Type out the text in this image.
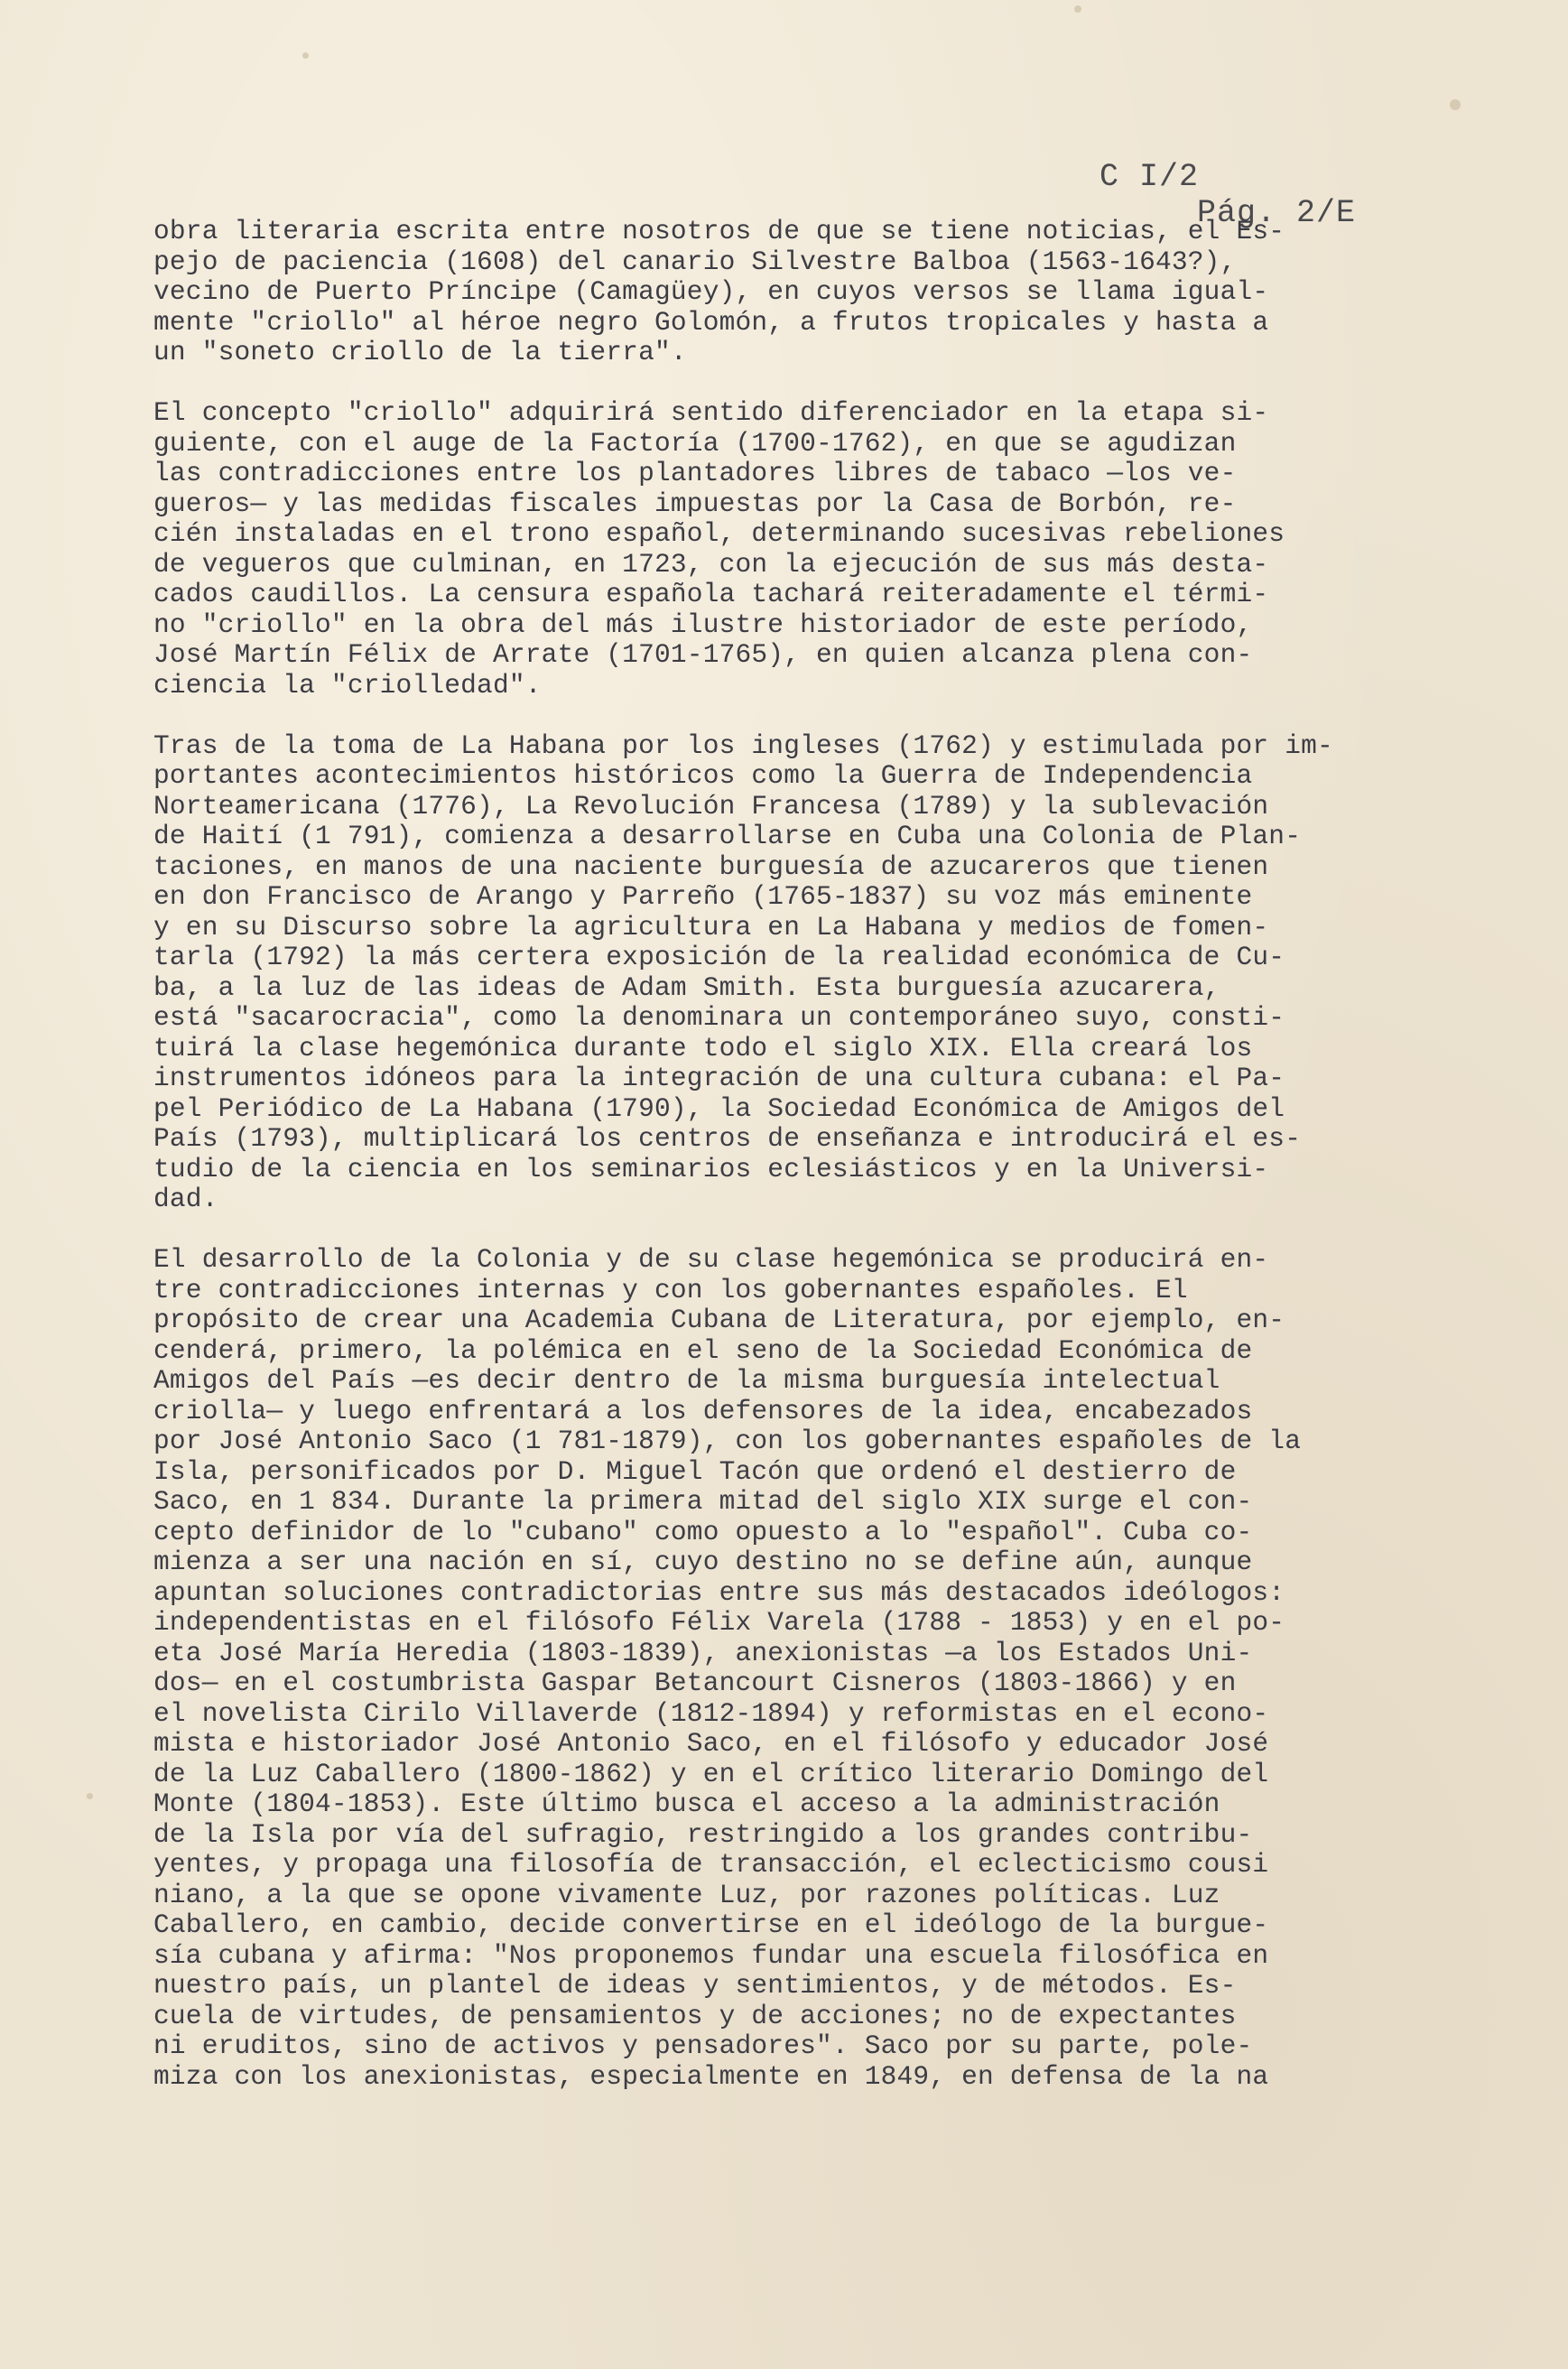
C I/2
Pág. 2/E

obra literaria escrita entre nosotros de que se tiene noticias, el Es-
pejo de paciencia (1608) del canario Silvestre Balboa (1563-1643?),
vecino de Puerto Príncipe (Camagüey), en cuyos versos se llama igual-
mente "criollo" al héroe negro Golomón, a frutos tropicales y hasta a
un "soneto criollo de la tierra".
El concepto "criollo" adquirirá sentido diferenciador en la etapa si-
guiente, con el auge de la Factoría (1700-1762), en que se agudizan
las contradicciones entre los plantadores libres de tabaco —los ve-
gueros— y las medidas fiscales impuestas por la Casa de Borbón, re-
cién instaladas en el trono español, determinando sucesivas rebeliones
de vegueros que culminan, en 1723, con la ejecución de sus más desta-
cados caudillos. La censura española tachará reiteradamente el térmi-
no "criollo" en la obra del más ilustre historiador de este período,
José Martín Félix de Arrate (1701-1765), en quien alcanza plena con-
ciencia la "criolledad".
Tras de la toma de La Habana por los ingleses (1762) y estimulada por im-
portantes acontecimientos históricos como la Guerra de Independencia
Norteamericana (1776), La Revolución Francesa (1789) y la sublevación
de Haití (1 791), comienza a desarrollarse en Cuba una Colonia de Plan-
taciones, en manos de una naciente burguesía de azucareros que tienen
en don Francisco de Arango y Parreño (1765-1837) su voz más eminente
y en su Discurso sobre la agricultura en La Habana y medios de fomen-
tarla (1792) la más certera exposición de la realidad económica de Cu-
ba, a la luz de las ideas de Adam Smith. Esta burguesía azucarera,
está "sacarocracia", como la denominara un contemporáneo suyo, consti-
tuirá la clase hegemónica durante todo el siglo XIX. Ella creará los
instrumentos idóneos para la integración de una cultura cubana: el Pa-
pel Periódico de La Habana (1790), la Sociedad Económica de Amigos del
País (1793), multiplicará los centros de enseñanza e introducirá el es-
tudio de la ciencia en los seminarios eclesiásticos y en la Universi-
dad.
El desarrollo de la Colonia y de su clase hegemónica se producirá en-
tre contradicciones internas y con los gobernantes españoles. El
propósito de crear una Academia Cubana de Literatura, por ejemplo, en-
cenderá, primero, la polémica en el seno de la Sociedad Económica de
Amigos del País —es decir dentro de la misma burguesía intelectual
criolla— y luego enfrentará a los defensores de la idea, encabezados
por José Antonio Saco (1 781-1879), con los gobernantes españoles de la
Isla, personificados por D. Miguel Tacón que ordenó el destierro de
Saco, en 1 834. Durante la primera mitad del siglo XIX surge el con-
cepto definidor de lo "cubano" como opuesto a lo "español". Cuba co-
mienza a ser una nación en sí, cuyo destino no se define aún, aunque
apuntan soluciones contradictorias entre sus más destacados ideólogos:
independentistas en el filósofo Félix Varela (1788 - 1853) y en el po-
eta José María Heredia (1803-1839), anexionistas —a los Estados Uni-
dos— en el costumbrista Gaspar Betancourt Cisneros (1803-1866) y en
el novelista Cirilo Villaverde (1812-1894) y reformistas en el econo-
mista e historiador José Antonio Saco, en el filósofo y educador José
de la Luz Caballero (1800-1862) y en el crítico literario Domingo del
Monte (1804-1853). Este último busca el acceso a la administración
de la Isla por vía del sufragio, restringido a los grandes contribu-
yentes, y propaga una filosofía de transacción, el eclecticismo cousi
niano, a la que se opone vivamente Luz, por razones políticas. Luz
Caballero, en cambio, decide convertirse en el ideólogo de la burgue-
sía cubana y afirma: "Nos proponemos fundar una escuela filosófica en
nuestro país, un plantel de ideas y sentimientos, y de métodos. Es-
cuela de virtudes, de pensamientos y de acciones; no de expectantes
ni eruditos, sino de activos y pensadores". Saco por su parte, pole-
miza con los anexionistas, especialmente en 1849, en defensa de la na
